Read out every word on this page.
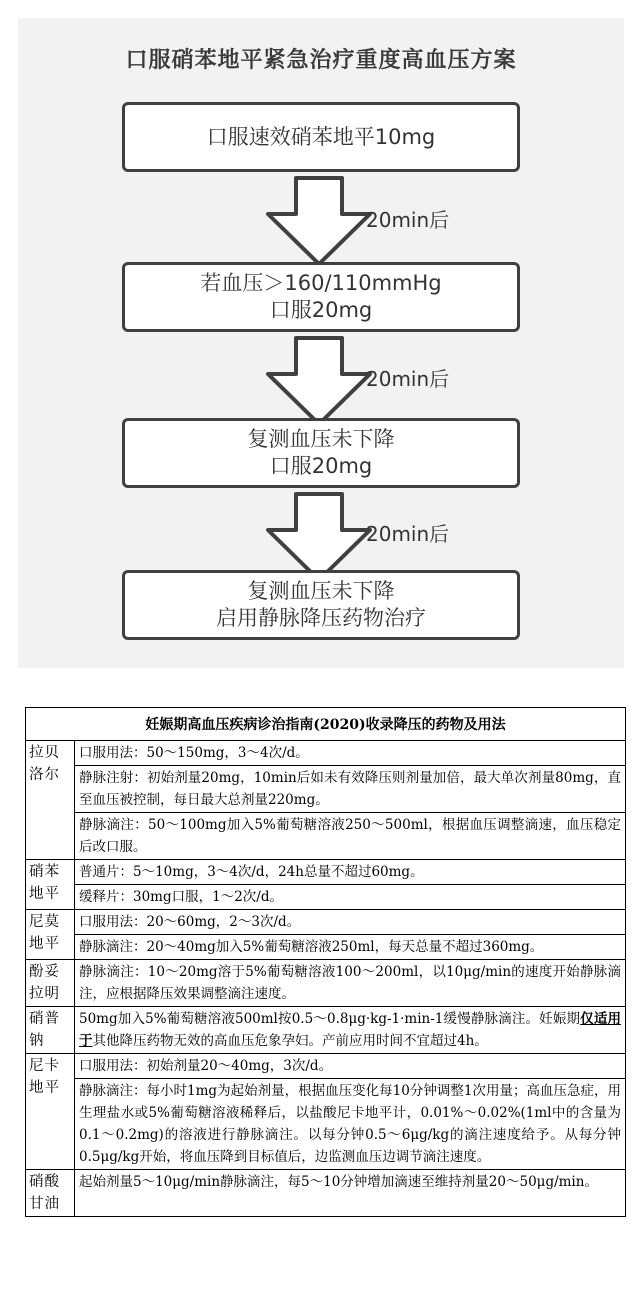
口服硝苯地平紧急治疗重度高血压方案
口服速效硝苯地平10mg
20min后
若血压＞160/110mmHg
口服20mg
20min后
复测血压未下降
口服20mg
20min后
复测血压未下降
启用静脉降压药物治疗
妊娠期高血压疾病诊治指南(2020)收录降压的药物及用法	
拉贝洛尔	口服用法：50～150mg，3～4次/d。
	静脉注射：初始剂量20mg，10min后如未有效降压则剂量加倍，最大单次剂量80mg，直至血压被控制，每日最大总剂量220mg。
	静脉滴注：50～100mg加入5%葡萄糖溶液250～500ml，根据血压调整滴速，血压稳定后改口服。
硝苯地平	普通片：5～10mg，3～4次/d，24h总量不超过60mg。
	缓释片：30mg口服，1～2次/d。
尼莫地平	口服用法：20～60mg，2～3次/d。
	静脉滴注：20～40mg加入5%葡萄糖溶液250ml，每天总量不超过360mg。
酚妥拉明	静脉滴注：10～20mg溶于5%葡萄糖溶液100～200ml，以10μg/min的速度开始静脉滴注，应根据降压效果调整滴注速度。
硝普钠	50mg加入5%葡萄糖溶液500ml按0.5～0.8μg·kg-1·min-1缓慢静脉滴注。妊娠期仅适用于其他降压药物无效的高血压危象孕妇。产前应用时间不宜超过4h。
尼卡地平	口服用法：初始剂量20～40mg，3次/d。
	静脉滴注：每小时1mg为起始剂量，根据血压变化每10分钟调整1次用量；高血压急症，用生理盐水或5%葡萄糖溶液稀释后，以盐酸尼卡地平计，0.01%～0.02%(1ml中的含量为0.1～0.2mg)的溶液进行静脉滴注。以每分钟0.5～6μg/kg的滴注速度给予。从每分钟0.5μg/kg开始，将血压降到目标值后，边监测血压边调节滴注速度。
硝酸甘油	起始剂量5～10μg/min静脉滴注，每5～10分钟增加滴速至维持剂量20～50μg/min。
